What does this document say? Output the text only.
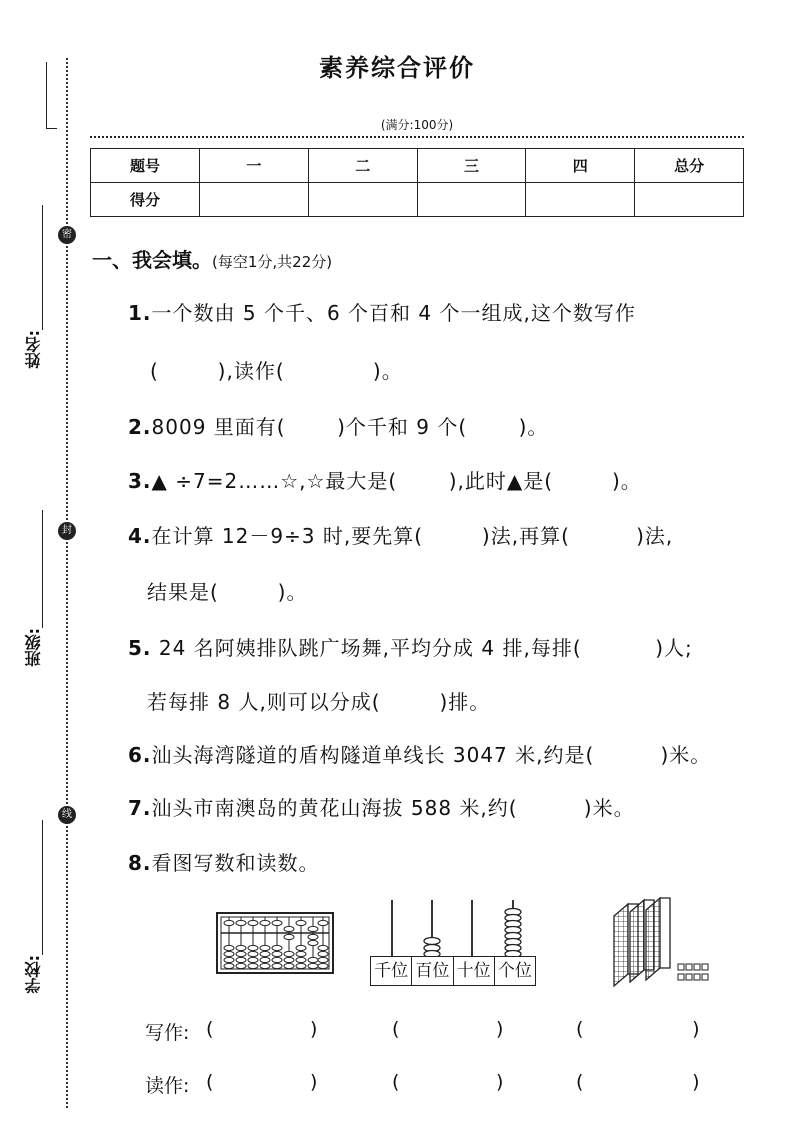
密
封
线
姓名:
班级:
学校:
素养综合评价
(满分:100分)
题号	一	二	三	四	总分
得分					
一、我会填。(每空1分,共22分)
1.一个数由 5 个千、6 个百和 4 个一组成,这个数写作
(        ),读作(            )。
2.8009 里面有(       )个千和 9 个(       )。
3.▲ ÷7=2……☆,☆最大是(       ),此时▲是(        )。
4.在计算 12－9÷3 时,要先算(        )法,再算(         )法,
结果是(        )。
5. 24 名阿姨排队跳广场舞,平均分成 4 排,每排(          )人;
若每排 8 人,则可以分成(        )排。
6.汕头海湾隧道的盾构隧道单线长 3047 米,约是(         )米。
7.汕头市南澳岛的黄花山海拔 588 米,约(         )米。
8.看图写数和读数。
千位 百位 十位 个位
写作: (                )	(                )	(                  )
读作: (                )	(                )	(                  )
